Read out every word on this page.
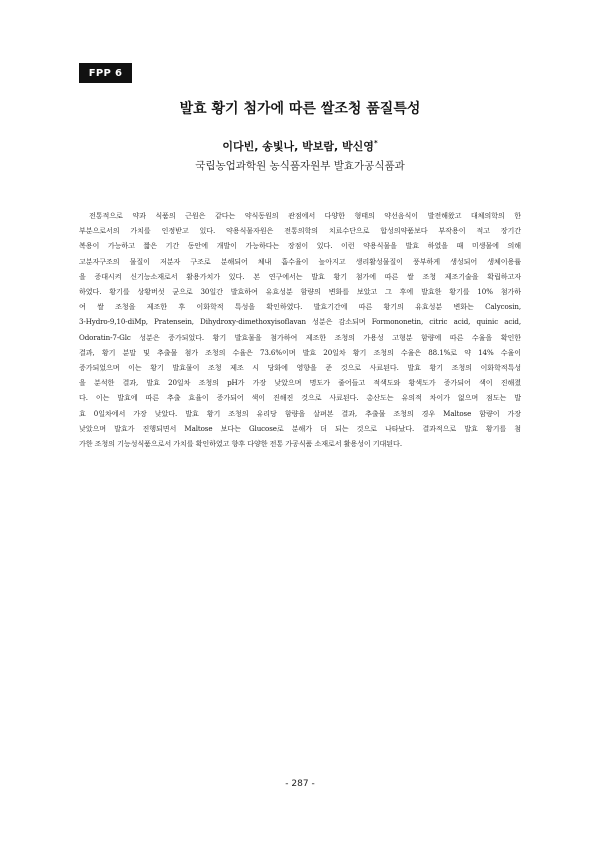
FPP 6
발효 황기 첨가에 따른 쌀조청 품질특성
이다빈, 송빛나, 박보람, 박신영*
국립농업과학원 농식품자원부 발효가공식품과
전통적으로 약과 식품의 근원은 같다는 약식동원의 관점에서 다양한 형태의 약선음식이 발전해왔고 대체의학의 한
부분으로서의 가치를 인정받고 있다. 약용식물자원은 전통의학의 치료수단으로 합성의약품보다 부작용이 적고 장기간
복용이 가능하고 짧은 기간 동안에 개발이 가능하다는 장점이 있다. 이런 약용식물을 발효 하였을 때 미생물에 의해
고분자구조의 물질이 저분자 구조로 분해되어 체내 흡수율이 높아지고 생리활성물질이 풍부하게 생성되어 생체이용률
을 증대시켜 신기능소재로서 활용가치가 있다. 본 연구에서는 발효 황기 첨가에 따른 쌀 조청 제조기술을 확립하고자
하였다. 황기를 상황버섯 균으로 30일간 발효하여 유효성분 함량의 변화를 보았고 그 후에 발효한 황기를 10% 첨가하
여 쌀 조청을 제조한 후 이화학적 특성을 확인하였다. 발효기간에 따른 황기의 유효성분 변화는 Calycosin,
3-Hydro-9,10-diMp, Pratensein, Dihydroxy-dimethoxyisoflavan 성분은 감소되며 Formononetin, citric acid, quinic acid,
Odoratin-7-Glc 성분은 증가되었다. 황기 발효물을 첨가하여 제조한 조청의 가용성 고형분 함량에 따른 수율을 확인한
결과, 황기 분말 및 추출물 첨가 조청의 수율은 73.6%이며 발효 20일차 황기 조청의 수율은 88.1%로 약 14% 수율이
증가되었으며 이는 황기 발효물이 조청 제조 시 당화에 영향을 준 것으로 사료된다. 발효 황기 조청의 이화학적특성
을 분석한 결과, 발효 20일차 조청의 pH가 가장 낮았으며 명도가 줄어들고 적색도와 황색도가 증가되어 색이 진해졌
다. 이는 발효에 따른 추출 효율이 증가되어 색이 진해진 것으로 사료된다. 총산도는 유의적 차이가 없으며 점도는 발
효 0일차에서 가장 낮았다. 발효 황기 조청의 유리당 함량을 살펴본 결과, 추출물 조청의 경우 Maltose 함량이 가장
낮았으며 발효가 진행되면서 Maltose 보다는 Glucose로 분해가 더 되는 것으로 나타났다. 결과적으로 발효 황기를 첨
가한 조청의 기능성식품으로서 가치를 확인하였고 향후 다양한 전통 가공식품 소재로서 활용성이 기대된다.
- 287 -
